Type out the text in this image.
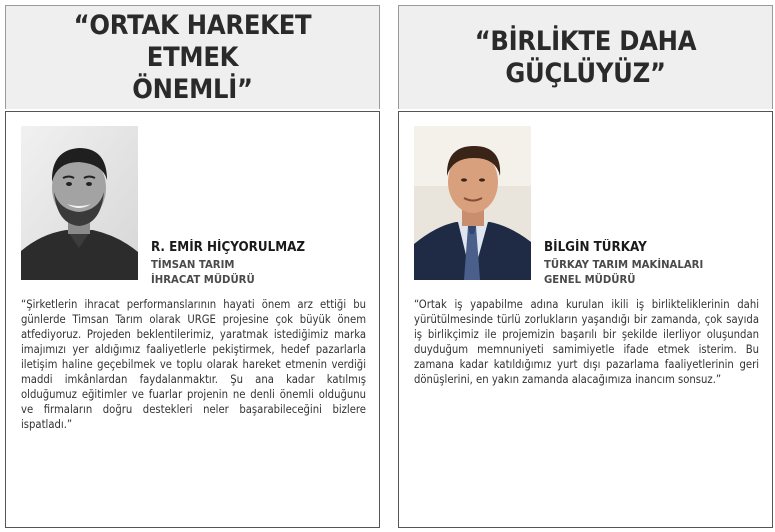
“ORTAK HAREKET ETMEK
ÖNEMLİ”

R. EMİR HİÇYORULMAZ

TİMSAN TARIM

İHRACAT MÜDÜRÜ

“Şirketlerin ihracat performanslarının hayati önem arz ettiği bu günlerde Timsan Tarım olarak URGE projesine çok büyük önem atfediyoruz. Projeden beklentilerimiz, yaratmak istediğimiz marka imajımızı yer aldığımız faaliyetlerle pekiştirmek, hedef pazarlarla iletişim haline geçebilmek ve toplu olarak hareket etmenin verdiği maddi imkânlardan faydalanmaktır. Şu ana kadar katılmış olduğumuz eğitimler ve fuarlar projenin ne denli önemli olduğunu ve firmaların doğru destekleri neler başarabileceğini bizlere ispatladı.”

“BİRLİKTE DAHA GÜÇLÜYÜZ”

BİLGİN TÜRKAY

TÜRKAY TARIM MAKİNALARI

GENEL MÜDÜRÜ

“Ortak iş yapabilme adına kurulan ikili iş birlikteliklerinin dahi yürütülmesinde türlü zorlukların yaşandığı bir zamanda, çok sayıda iş birlikçimiz ile projemizin başarılı bir şekilde ilerliyor oluşundan duyduğum memnuniyeti samimiyetle ifade etmek isterim. Bu zamana kadar katıldığımız yurt dışı pazarlama faaliyetlerinin geri dönüşlerini, en yakın zamanda alacağımıza inancım sonsuz.”
